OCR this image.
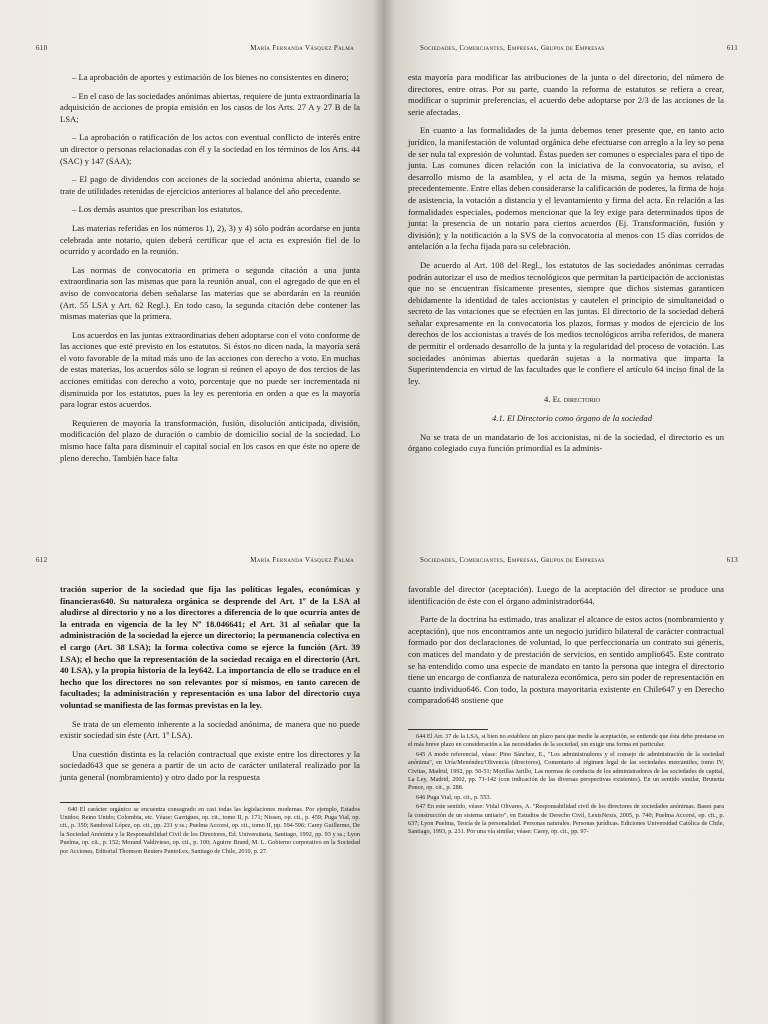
610	María Fernanda Vásquez Palma

– La aprobación de aportes y estimación de los bienes no consistentes en dinero;

– En el caso de las sociedades anónimas abiertas, requiere de junta extraordinaria la adquisición de acciones de propia emisión en los casos de los Arts. 27 A y 27 B de la LSA;

– La aprobación o ratificación de los actos con eventual conflicto de interés entre un director o personas relacionadas con él y la sociedad en los términos de los Arts. 44 (SAC) y 147 (SAA);

– El pago de dividendos con acciones de la sociedad anónima abierta, cuando se trate de utilidades retenidas de ejercicios anteriores al balance del año precedente.

– Los demás asuntos que prescriban los estatutos.

Las materias referidas en los números 1), 2), 3) y 4) sólo podrán acordarse en junta celebrada ante notario, quien deberá certificar que el acta es expresión fiel de lo ocurrido y acordado en la reunión.

Las normas de convocatoria en primera o segunda citación a una junta extraordinaria son las mismas que para la reunión anual, con el agregado de que en el aviso de convocatoria deben señalarse las materias que se abordarán en la reunión (Art. 55 LSA y Art. 62 Regl.). En todo caso, la segunda citación debe contener las mismas materias que la primera.

Los acuerdos en las juntas extraordinarias deben adoptarse con el voto conforme de las acciones que esté previsto en los estatutos. Si éstos no dicen nada, la mayoría será el voto favorable de la mitad más uno de las acciones con derecho a voto. En muchas de estas materias, los acuerdos sólo se logran si reúnen el apoyo de dos tercios de las acciones emitidas con derecho a voto, porcentaje que no puede ser incrementada ni disminuida por los estatutos, pues la ley es perentoria en orden a que es la mayoría para lograr estos acuerdos.

Requieren de mayoría la transformación, fusión, disolución anticipada, división, modificación del plazo de duración o cambio de domicilio social de la sociedad. Lo mismo hace falta para disminuir el capital social en los casos en que éste no opere de pleno derecho. También hace falta

Sociedades, Comerciantes, Empresas, Grupos de Empresas	611

esta mayoría para modificar las atribuciones de la junta o del directorio, del número de directores, entre otras. Por su parte, cuando la reforma de estatutos se refiera a crear, modificar o suprimir preferencias, el acuerdo debe adoptarse por 2/3 de las acciones de la serie afectadas.

En cuanto a las formalidades de la junta debemos tener presente que, en tanto acto jurídico, la manifestación de voluntad orgánica debe efectuarse con arreglo a la ley so pena de ser nula tal expresión de voluntad. Éstas pueden ser comunes o especiales para el tipo de junta. Las comunes dicen relación con la iniciativa de la convocatoria, su aviso, el desarrollo mismo de la asamblea, y el acta de la misma, según ya hemos relatado precedentemente. Entre ellas deben considerarse la calificación de poderes, la firma de hoja de asistencia, la votación a distancia y el levantamiento y firma del acta. En relación a las formalidades especiales, podemos mencionar que la ley exige para determinados tipos de junta: la presencia de un notario para ciertos acuerdos (Ej. Transformación, fusión y división); y la notificación a la SVS de la convocatoria al menos con 15 días corridos de antelación a la fecha fijada para su celebración.

De acuerdo al Art. 108 del Regl., los estatutos de las sociedades anónimas cerradas podrán autorizar el uso de medios tecnológicos que permitan la participación de accionistas que no se encuentran físicamente presentes, siempre que dichos sistemas garanticen debidamente la identidad de tales accionistas y cautelen el principio de simultaneidad o secreto de las votaciones que se efectúen en las juntas. El directorio de la sociedad deberá señalar expresamente en la convocatoria los plazos, formas y modos de ejercicio de los derechos de los accionistas a través de los medios tecnológicos arriba referidos, de manera de permitir el ordenado desarrollo de la junta y la regularidad del proceso de votación. Las sociedades anónimas abiertas quedarán sujetas a la normativa que imparta la Superintendencia en virtud de las facultades que le confiere el artículo 64 inciso final de la ley.

4. El directorio

4.1. El Directorio como órgano de la sociedad

No se trata de un mandatario de los accionistas, ni de la sociedad, el directorio es un órgano colegiado cuya función primordial es la adminis-

612	María Fernanda Vásquez Palma

tración superior de la sociedad que fija las políticas legales, económicas y financieras640. Su naturaleza orgánica se desprende del Art. 1º de la LSA al aludirse al directorio y no a los directores a diferencia de lo que ocurría antes de la entrada en vigencia de la ley Nº 18.046641; el Art. 31 al señalar que la administración de la sociedad la ejerce un directorio; la permanencia colectiva en el cargo (Art. 38 LSA); la forma colectiva como se ejerce la función (Art. 39 LSA); el hecho que la representación de la sociedad recaiga en el directorio (Art. 40 LSA), y la propia historia de la ley642. La importancia de ello se traduce en el hecho que los directores no son relevantes por sí mismos, en tanto carecen de facultades; la administración y representación es una labor del directorio cuya voluntad se manifiesta de las formas previstas en la ley.

Se trata de un elemento inherente a la sociedad anónima, de manera que no puede existir sociedad sin éste (Art. 1º LSA).

Una cuestión distinta es la relación contractual que existe entre los directores y la sociedad643 que se genera a partir de un acto de carácter unilateral realizado por la junta general (nombramiento) y otro dado por la respuesta

640 El carácter orgánico se encuentra consagrado en casi todas las legislaciones modernas. Por ejemplo, Estados Unidos; Reino Unido; Colombia, etc. Véase: Garrigues, op. cit., tomo II, p. 171; Nissen, op. cit., p. 459; Puga Vial, op. cit., p. 350; Sandoval López, op. cit., pp. 231 y ss.; Puelma Accorsi, op. cit., tomo II, pp. 594-596; Carey Guillermo, De la Sociedad Anónima y la Responsabilidad Civil de los Directores, Ed. Universitaria, Santiago, 1992, pp. 93 y ss.; Lyon Puelma, op. cit., p. 152; Morand Valdivieso, op. cit., p. 100; Aguirre Brand, M. L. Gobierno corporativo en la Sociedad por Acciones, Editorial Thomson Reuters PuntoLex, Santiago de Chile, 2010, p. 27.

Sociedades, Comerciantes, Empresas, Grupos de Empresas	613

favorable del director (aceptación). Luego de la aceptación del director se produce una identificación de éste con el órgano administrador644.

Parte de la doctrina ha estimado, tras analizar el alcance de estos actos (nombramiento y aceptación), que nos encontramos ante un negocio jurídico bilateral de carácter contractual formado por dos declaraciones de voluntad, lo que perfeccionaría un contrato sui géneris, con matices del mandato y de prestación de servicios, en sentido amplio645. Este contrato se ha entendido como una especie de mandato en tanto la persona que integra el directorio tiene un encargo de confianza de naturaleza económica, pero sin poder de representación en cuanto individuo646. Con todo, la postura mayoritaria existente en Chile647 y en Derecho comparado648 sostiene que

644 El Art. 37 de la LSA, si bien no establece un plazo para que medie la aceptación, se entiende que ésta debe prestarse en el más breve plazo en consideración a las necesidades de la sociedad, sin exigir una forma en particular.

645 A modo referencial, véase: Pino Sánchez, E., "Los administradores y el consejo de administración de la sociedad anónima", en Uría/Menéndez/Olivencia (directores), Comentario al régimen legal de las sociedades mercantiles, tomo IV, Civitas, Madrid, 1992, pp. 50-51; Morillas Jarillo, Las normas de conducta de los administradores de las sociedades de capital, La Ley, Madrid, 2002, pp. 71-142 (con indicación de las diversas perspectivas existentes). En un sentido similar, Brunetta Ponce, op. cit., p. 288.

646 Puga Vial, op. cit., p. 553.

647 En este sentido, véase: Vidal Olivares, A. "Responsabilidad civil de los directores de sociedades anónimas. Bases para la construcción de un sistema unitario", en Estudios de Derecho Civil, LexisNexis, 2005, p. 740; Puelma Accorsi, op. cit., p. 637; Lyon Puelma, Teoría de la personalidad. Personas naturales. Personas jurídicas. Ediciones Universidad Católica de Chile, Santiago, 1993, p. 231. Por una vía similar, véase: Carey, op. cit., pp. 97-
